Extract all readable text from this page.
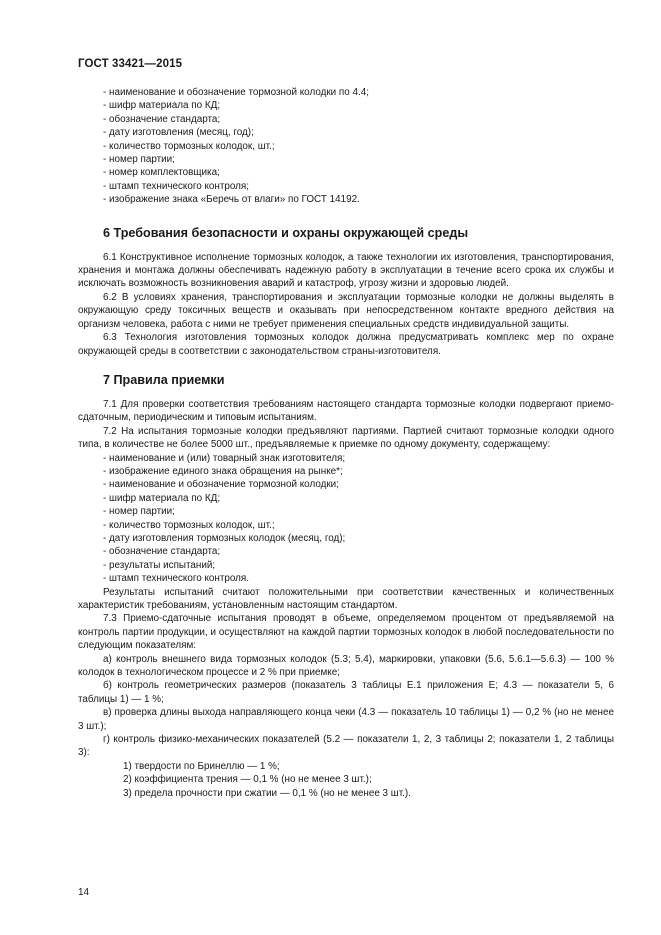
ГОСТ 33421—2015
- наименование и обозначение тормозной колодки по 4.4;
- шифр материала по КД;
- обозначение стандарта;
- дату изготовления (месяц, год);
- количество тормозных колодок, шт.;
- номер партии;
- номер комплектовщика;
- штамп технического контроля;
- изображение знака «Беречь от влаги» по ГОСТ 14192.
6 Требования безопасности и охраны окружающей среды
6.1 Конструктивное исполнение тормозных колодок, а также технологии их изготовления, транспортирования, хранения и монтажа должны обеспечивать надежную работу в эксплуатации в течение всего срока их службы и исключать возможность возникновения аварий и катастроф, угрозу жизни и здоровью людей.
6.2 В условиях хранения, транспортирования и эксплуатации тормозные колодки не должны выделять в окружающую среду токсичных веществ и оказывать при непосредственном контакте вредного действия на организм человека, работа с ними не требует применения специальных средств индивидуальной защиты.
6.3 Технология изготовления тормозных колодок должна предусматривать комплекс мер по охране окружающей среды в соответствии с законодательством страны-изготовителя.
7 Правила приемки
7.1 Для проверки соответствия требованиям настоящего стандарта тормозные колодки подвергают приемо-сдаточным, периодическим и типовым испытаниям.
7.2 На испытания тормозные колодки предъявляют партиями. Партией считают тормозные колодки одного типа, в количестве не более 5000 шт., предъявляемые к приемке по одному документу, содержащему:
- наименование и (или) товарный знак изготовителя;
- изображение единого знака обращения на рынке*;
- наименование и обозначение тормозной колодки;
- шифр материала по КД;
- номер партии;
- количество тормозных колодок, шт.;
- дату изготовления тормозных колодок (месяц, год);
- обозначение стандарта;
- результаты испытаний;
- штамп технического контроля.
Результаты испытаний считают положительными при соответствии качественных и количественных характеристик требованиям, установленным настоящим стандартом.
7.3 Приемо-сдаточные испытания проводят в объеме, определяемом процентом от предъявляемой на контроль партии продукции, и осуществляют на каждой партии тормозных колодок в любой последовательности по следующим показателям:
а) контроль внешнего вида тормозных колодок (5.3; 5.4), маркировки, упаковки (5.6, 5.6.1—5.6.3) — 100 % колодок в технологическом процессе и 2 % при приемке;
б) контроль геометрических размеров (показатель 3 таблицы Е.1 приложения Е; 4.3 — показатели 5, 6 таблицы 1) — 1 %;
в) проверка длины выхода направляющего конца чеки (4.3 — показатель 10 таблицы 1) — 0,2 % (но не менее 3 шт.);
г) контроль физико-механических показателей (5.2 — показатели 1, 2, 3 таблицы 2; показатели 1, 2 таблицы 3):
1) твердости по Бринеллю — 1 %;
2) коэффициента трения — 0,1 % (но не менее 3 шт.);
3) предела прочности при сжатии — 0,1 % (но не менее 3 шт.).
14
